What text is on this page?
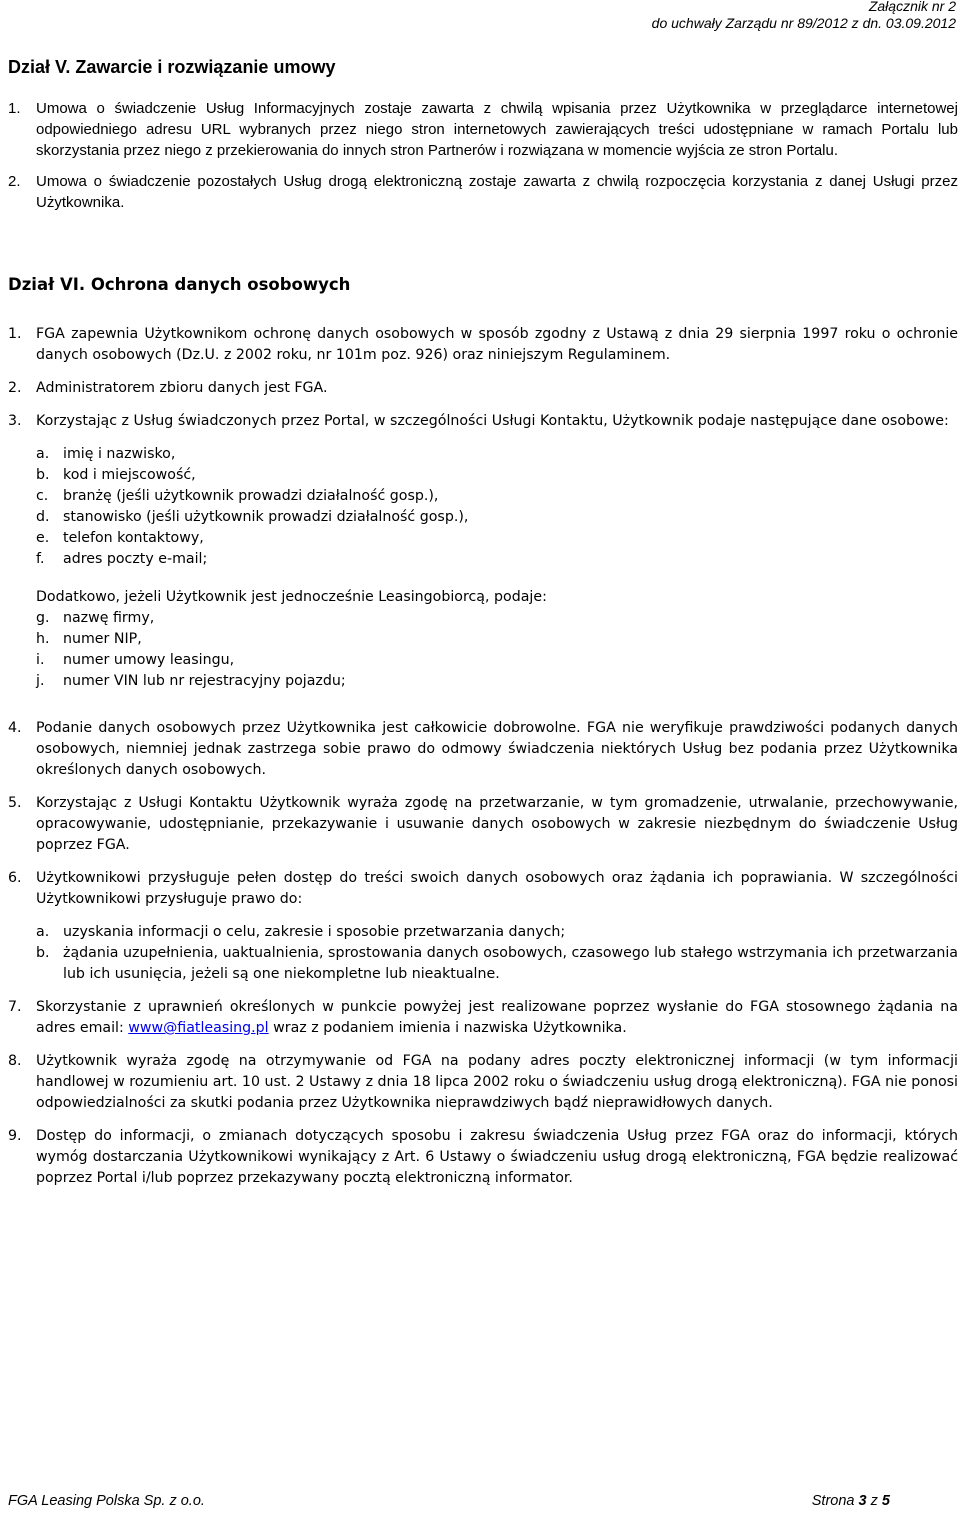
Załącznik nr 2
do uchwały Zarządu nr 89/2012 z dn. 03.09.2012
Dział V. Zawarcie i rozwiązanie umowy
1. Umowa o świadczenie Usług Informacyjnych zostaje zawarta z chwilą wpisania przez Użytkownika w przeglądarce internetowej odpowiedniego adresu URL wybranych przez niego stron internetowych zawierających treści udostępniane w ramach Portalu lub skorzystania przez niego z przekierowania do innych stron Partnerów i rozwiązana w momencie wyjścia ze stron Portalu.
2. Umowa o świadczenie pozostałych Usług drogą elektroniczną zostaje zawarta z chwilą rozpoczęcia korzystania z danej Usługi przez Użytkownika.
Dział VI. Ochrona danych osobowych
1. FGA zapewnia Użytkownikom ochronę danych osobowych w sposób zgodny z Ustawą z dnia 29 sierpnia 1997 roku o ochronie danych osobowych (Dz.U. z 2002 roku, nr 101m poz. 926) oraz niniejszym Regulaminem.
2. Administratorem zbioru danych jest FGA.
3. Korzystając z Usług świadczonych przez Portal, w szczególności Usługi Kontaktu, Użytkownik podaje następujące dane osobowe:
a. imię i nazwisko,
b. kod i miejscowość,
c. branżę (jeśli użytkownik prowadzi działalność gosp.),
d. stanowisko (jeśli użytkownik prowadzi działalność gosp.),
e. telefon kontaktowy,
f. adres poczty e-mail;
Dodatkowo, jeżeli Użytkownik jest jednocześnie Leasingobiorcą, podaje:
g. nazwę firmy,
h. numer NIP,
i. numer umowy leasingu,
j. numer VIN lub nr rejestracyjny pojazdu;
4. Podanie danych osobowych przez Użytkownika jest całkowicie dobrowolne. FGA nie weryfikuje prawdziwości podanych danych osobowych, niemniej jednak zastrzega sobie prawo do odmowy świadczenia niektórych Usług bez podania przez Użytkownika określonych danych osobowych.
5. Korzystając z Usługi Kontaktu Użytkownik wyraża zgodę na przetwarzanie, w tym gromadzenie, utrwalanie, przechowywanie, opracowywanie, udostępnianie, przekazywanie i usuwanie danych osobowych w zakresie niezbędnym do świadczenie Usług poprzez FGA.
6. Użytkownikowi przysługuje pełen dostęp do treści swoich danych osobowych oraz żądania ich poprawiania. W szczególności Użytkownikowi przysługuje prawo do:
a. uzyskania informacji o celu, zakresie i sposobie przetwarzania danych;
b. żądania uzupełnienia, uaktualnienia, sprostowania danych osobowych, czasowego lub stałego wstrzymania ich przetwarzania lub ich usunięcia, jeżeli są one niekompletne lub nieaktualne.
7. Skorzystanie z uprawnień określonych w punkcie powyżej jest realizowane poprzez wysłanie do FGA stosownego żądania na adres email: www@fiatleasing.pl wraz z podaniem imienia i nazwiska Użytkownika.
8. Użytkownik wyraża zgodę na otrzymywanie od FGA na podany adres poczty elektronicznej informacji (w tym informacji handlowej w rozumieniu art. 10 ust. 2 Ustawy z dnia 18 lipca 2002 roku o świadczeniu usług drogą elektroniczną). FGA nie ponosi odpowiedzialności za skutki podania przez Użytkownika nieprawdziwych bądź nieprawidłowych danych.
9. Dostęp do informacji, o zmianach dotyczących sposobu i zakresu świadczenia Usług przez FGA oraz do informacji, których wymóg dostarczania Użytkownikowi wynikający z Art. 6 Ustawy o świadczeniu usług drogą elektroniczną, FGA będzie realizować poprzez Portal i/lub poprzez przekazywany pocztą elektroniczną informator.
FGA Leasing Polska Sp. z o.o.	Strona 3 z 5
